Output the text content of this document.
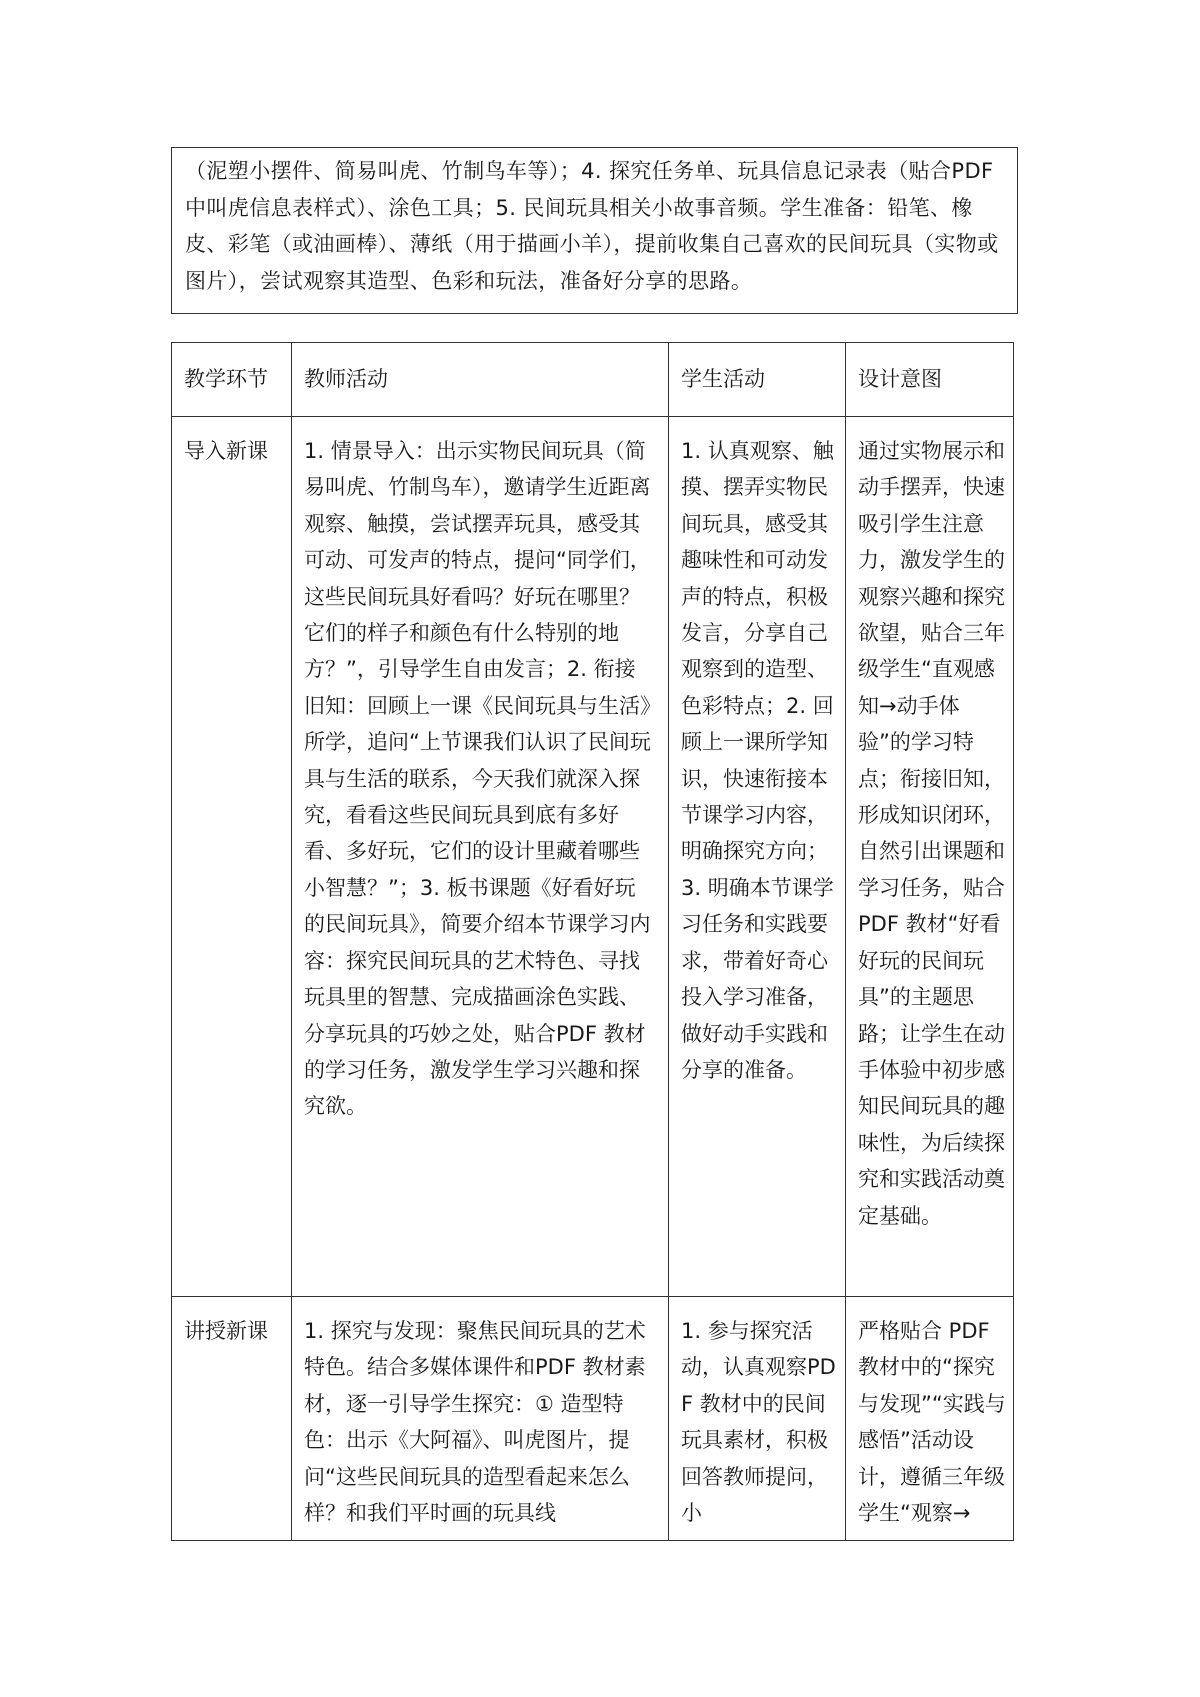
（泥塑小摆件、简易叫虎、竹制鸟车等）；4. 探究任务单、玩具信息记录表（贴合PDF 中叫虎信息表样式）、涂色工具；5. 民间玩具相关小故事音频。学生准备：铅笔、橡皮、彩笔（或油画棒）、薄纸（用于描画小羊），提前收集自己喜欢的民间玩具（实物或图片），尝试观察其造型、色彩和玩法，准备好分享的思路。
教学环节	教师活动	学生活动	设计意图
导入新课	1. 情景导入：出示实物民间玩具（简易叫虎、竹制鸟车），邀请学生近距离观察、触摸，尝试摆弄玩具，感受其可动、可发声的特点，提问“同学们，这些民间玩具好看吗？好玩在哪里？它们的样子和颜色有什么特别的地方？”，引导学生自由发言；2. 衔接旧知：回顾上一课《民间玩具与生活》所学，追问“上节课我们认识了民间玩具与生活的联系，今天我们就深入探究，看看这些民间玩具到底有多好看、多好玩，它们的设计里藏着哪些小智慧？”；3. 板书课题《好看好玩的民间玩具》，简要介绍本节课学习内容：探究民间玩具的艺术特色、寻找玩具里的智慧、完成描画涂色实践、分享玩具的巧妙之处，贴合PDF 教材的学习任务，激发学生学习兴趣和探究欲。	1. 认真观察、触摸、摆弄实物民间玩具，感受其趣味性和可动发声的特点，积极发言，分享自己观察到的造型、色彩特点；2. 回顾上一课所学知识，快速衔接本节课学习内容，明确探究方向；3. 明确本节课学习任务和实践要求，带着好奇心投入学习准备，做好动手实践和分享的准备。	通过实物展示和动手摆弄，快速吸引学生注意力，激发学生的观察兴趣和探究欲望，贴合三年级学生“直观感知→动手体验”的学习特点；衔接旧知，形成知识闭环，自然引出课题和学习任务，贴合 PDF 教材“好看好玩的民间玩具”的主题思路；让学生在动手体验中初步感知民间玩具的趣味性，为后续探究和实践活动奠定基础。
讲授新课	1. 探究与发现：聚焦民间玩具的艺术特色。结合多媒体课件和PDF 教材素材，逐一引导学生探究：① 造型特色：出示《大阿福》、叫虎图片，提问“这些民间玩具的造型看起来怎么样？和我们平时画的玩具线	1. 参与探究活动，认真观察PDF 教材中的民间玩具素材，积极回答教师提问，小	严格贴合 PDF 教材中的“探究与发现”“实践与感悟”活动设计，遵循三年级学生“观察→
